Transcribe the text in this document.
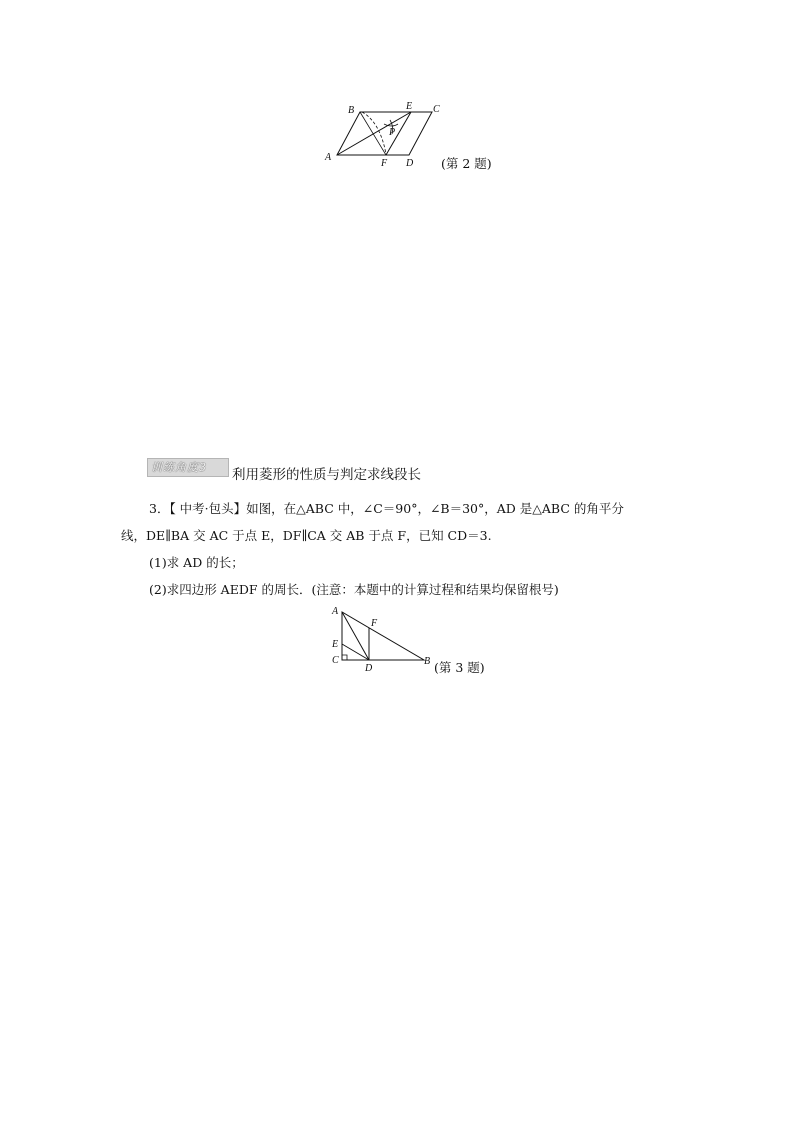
B	E C
P
A
F D (第 2 题)
训练角度3	利用菱形的性质与判定求线段长
3．【 中考·包头】如图，在△ABC 中，∠C＝90°，∠B＝30°，AD 是△ABC 的角平分
线，DE∥BA 交 AC 于点 E，DF∥CA 交 AB 于点 F，已知 CD＝3.
(1)求 AD 的长；
(2)求四边形 AEDF 的周长．(注意：本题中的计算过程和结果均保留根号)
A
F
E
C
D
B (第 3 题)
